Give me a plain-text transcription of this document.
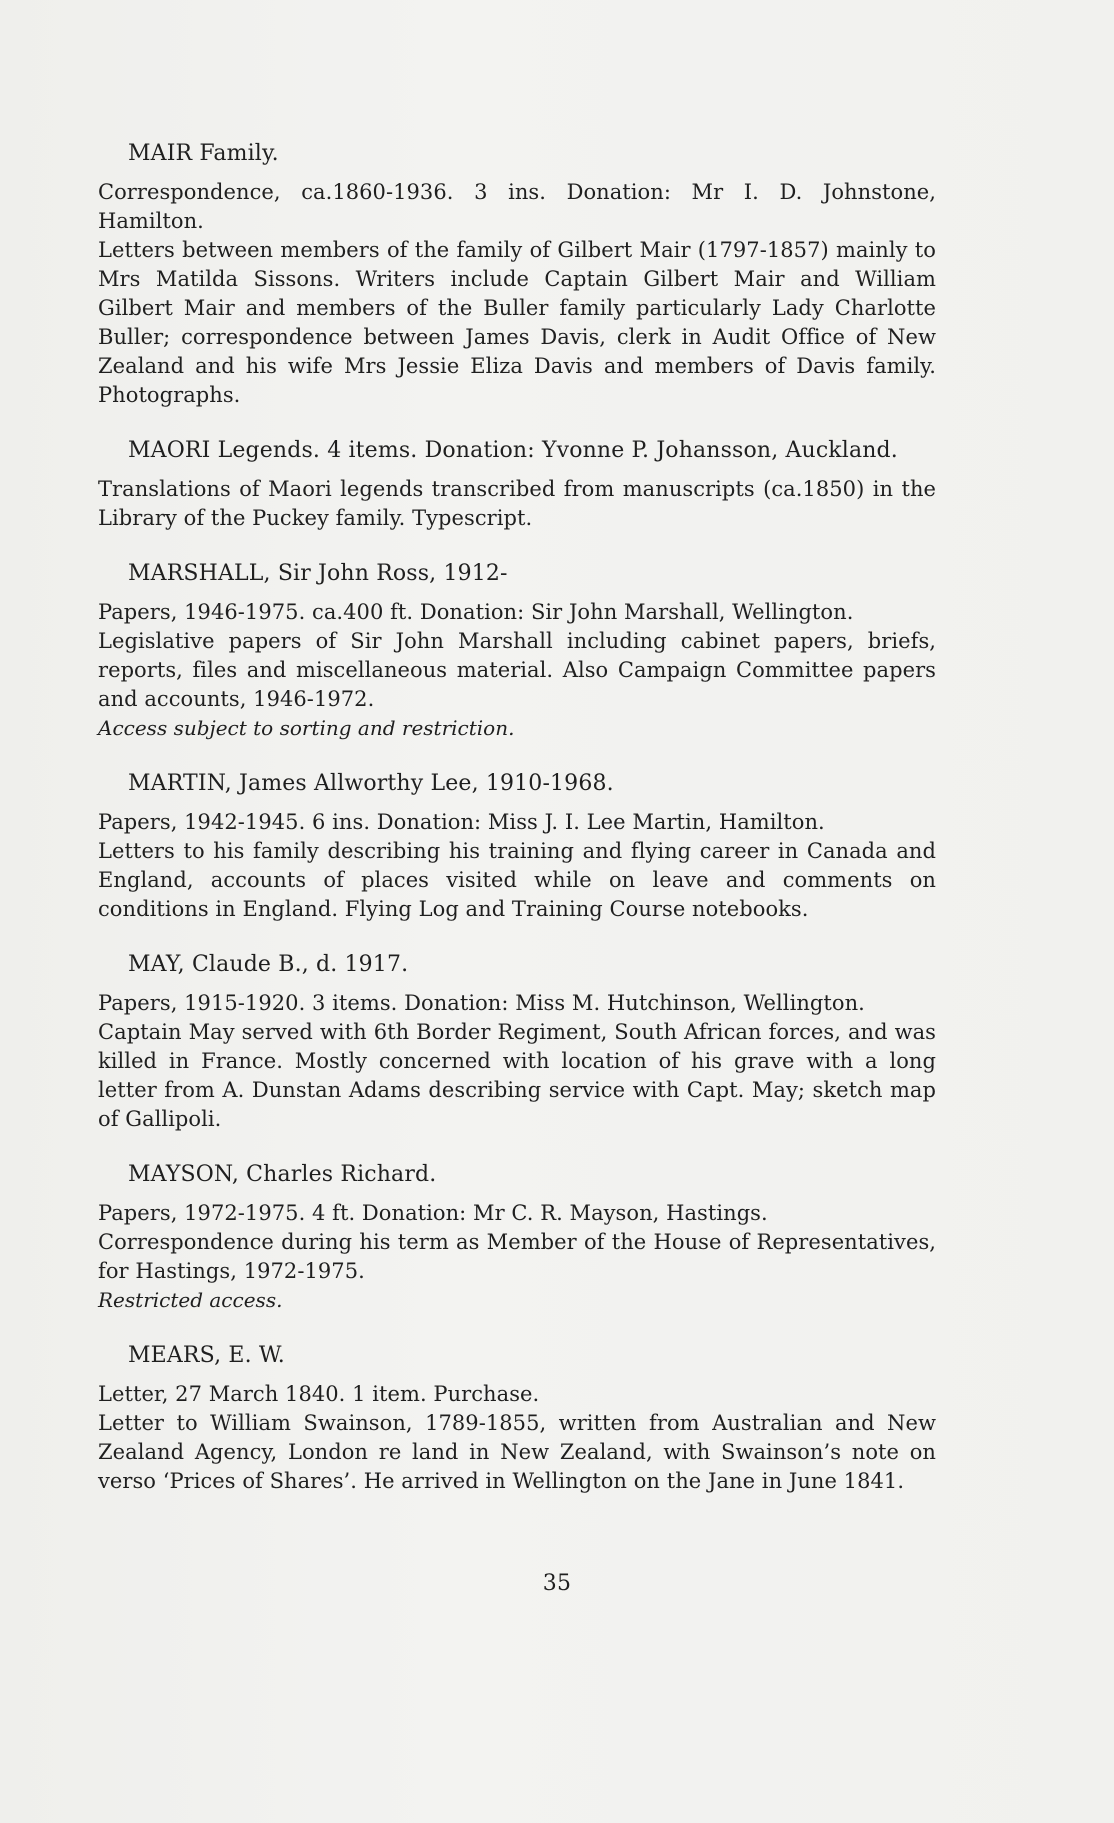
MAIR Family.

Correspondence, ca.1860-1936. 3 ins. Donation: Mr I. D. Johnstone, Hamilton.

Letters between members of the family of Gilbert Mair (1797-1857) mainly to Mrs Matilda Sissons. Writers include Captain Gilbert Mair and William Gilbert Mair and members of the Buller family particularly Lady Charlotte Buller; correspondence between James Davis, clerk in Audit Office of New Zealand and his wife Mrs Jessie Eliza Davis and members of Davis family. Photographs.

MAORI Legends. 4 items. Donation: Yvonne P. Johansson, Auckland.

Translations of Maori legends transcribed from manuscripts (ca.1850) in the Library of the Puckey family. Typescript.

MARSHALL, Sir John Ross, 1912-

Papers, 1946-1975. ca.400 ft. Donation: Sir John Marshall, Wellington.

Legislative papers of Sir John Marshall including cabinet papers, briefs, reports, files and miscellaneous material. Also Campaign Committee papers and accounts, 1946-1972.

Access subject to sorting and restriction.

MARTIN, James Allworthy Lee, 1910-1968.

Papers, 1942-1945. 6 ins. Donation: Miss J. I. Lee Martin, Hamilton.

Letters to his family describing his training and flying career in Canada and England, accounts of places visited while on leave and comments on conditions in England. Flying Log and Training Course notebooks.

MAY, Claude B., d. 1917.

Papers, 1915-1920. 3 items. Donation: Miss M. Hutchinson, Wellington.

Captain May served with 6th Border Regiment, South African forces, and was killed in France. Mostly concerned with location of his grave with a long letter from A. Dunstan Adams describing service with Capt. May; sketch map of Gallipoli.

MAYSON, Charles Richard.

Papers, 1972-1975. 4 ft. Donation: Mr C. R. Mayson, Hastings.

Correspondence during his term as Member of the House of Representatives, for Hastings, 1972-1975.

Restricted access.

MEARS, E. W.

Letter, 27 March 1840. 1 item. Purchase.

Letter to William Swainson, 1789-1855, written from Australian and New Zealand Agency, London re land in New Zealand, with Swainson’s note on verso ‘Prices of Shares’. He arrived in Wellington on the Jane in June 1841.

35
